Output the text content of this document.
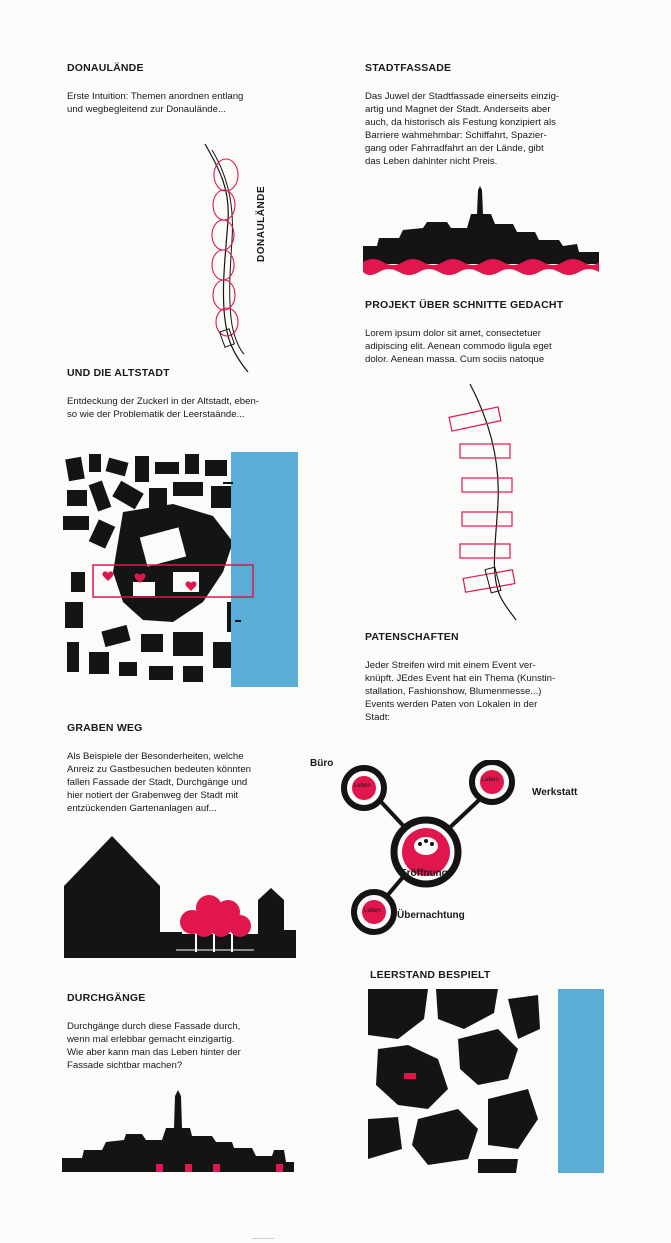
DONAULÄNDE
Erste Intuition: Themen anordnen entlang
und wegbegleitend zur Donaulände...
DONAULÄNDE
UND DIE ALTSTADT
Entdeckung der Zuckerl in der Altstadt, eben-
so wie der Problematik der Leerstaände...
GRABEN WEG
Als Beispiele der Besonderheiten, welche
Anreiz zu Gastbesuchen bedeuten könnten
fallen Fassade der Stadt, Durchgänge und
hier notiert der Grabenweg der Stadt mit
entzückenden Gartenanlagen auf...
DURCHGÄNGE
Durchgänge durch diese Fassade durch,
wenn mal erlebbar gemacht einzigartig.
Wie aber kann man das Leben hinter der
Fassade sichtbar machen?
STADTFASSADE
Das Juwel der Stadtfassade einerseits einzig-
artig und Magnet der Stadt. Anderseits aber
auch, da historisch als Festung konzipiert als
Barriere wahmehmbar: Schiffahrt, Spazier-
gang oder Fahrradfahrt an der Lände, gibt
das Leben dahinter nicht Preis.
PROJEKT ÜBER SCHNITTE GEDACHT
Lorem ipsum dolor sit amet, consectetuer
adipiscing elit. Aenean commodo ligula eget
dolor. Aenean massa. Cum sociis natoque
PATENSCHAFTEN
Jeder Streifen wird mit einem Event ver-
knüpft. JEdes Event hat ein Thema (Kunstin-
stallation, Fashionshow, Blumenmesse...)
Events werden Paten von Lokalen in der
Stadt:
Büro
Werkstatt
Übernachtung
Eröffnung
Leben
Leben
Leben
LEERSTAND BESPIELT
